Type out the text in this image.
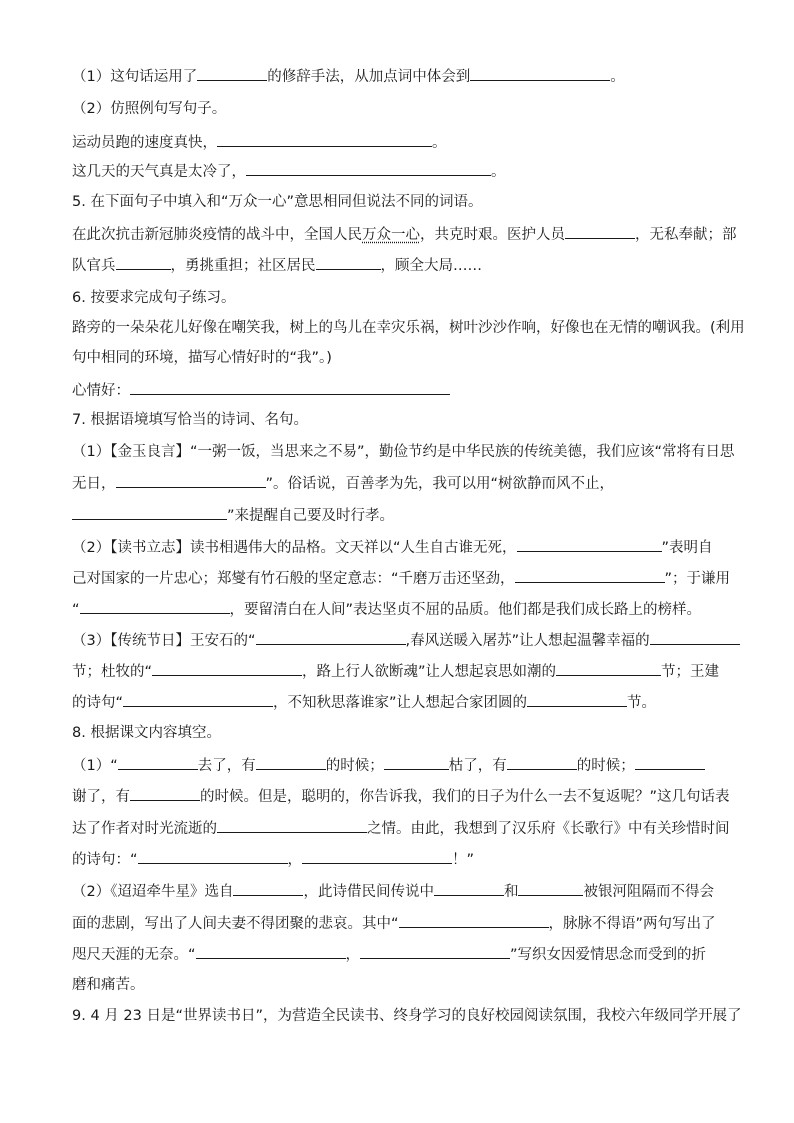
（1）这句话运用了	的修辞手法，从加点词中体会到	。
（2）仿照例句写句子。
运动员跑的速度真快，	。
这几天的天气真是太冷了，	。
5. 在下面句子中填入和“万众一心”意思相同但说法不同的词语。
在此次抗击新冠肺炎疫情的战斗中，全国人民万众一心，共克时艰。医护人员	，无私奉献；部
队官兵	，勇挑重担；社区居民	，顾全大局……
6. 按要求完成句子练习。
路旁的一朵朵花儿好像在嘲笑我，树上的鸟儿在幸灾乐祸，树叶沙沙作响，好像也在无情的嘲讽我。(利用
句中相同的环境，描写心情好时的“我”。)
心情好：
7. 根据语境填写恰当的诗词、名句。
（1）【金玉良言】“一粥一饭，当思来之不易”，勤俭节约是中华民族的传统美德，我们应该“常将有日思
无日，	”。俗话说，百善孝为先，我可以用“树欲静而风不止，
”来提醒自己要及时行孝。
（2）【读书立志】读书相遇伟大的品格。文天祥以“人生自古谁无死，	”表明自
己对国家的一片忠心；郑燮有竹石般的坚定意志：“千磨万击还坚劲，	”；于谦用
“	，要留清白在人间”表达坚贞不屈的品质。他们都是我们成长路上的榜样。
（3）【传统节日】王安石的“	,春风送暖入屠苏”让人想起温馨幸福的
节；杜牧的“	，路上行人欲断魂”让人想起哀思如潮的	节；王建
的诗句“	，不知秋思落谁家”让人想起合家团圆的	节。
8. 根据课文内容填空。
（1）“	去了，有	的时候；	枯了，有	的时候；
谢了，有	的时候。但是，聪明的，你告诉我，我们的日子为什么一去不复返呢？”这几句话表
达了作者对时光流逝的	之情。由此，我想到了汉乐府《长歌行》中有关珍惜时间
的诗句：“	，	！”
（2）《迢迢牵牛星》选自	，此诗借民间传说中	和	被银河阻隔而不得会
面的悲剧，写出了人间夫妻不得团聚的悲哀。其中“	，脉脉不得语”两句写出了
咫尺天涯的无奈。“	，	”写织女因爱情思念而受到的折
磨和痛苦。
9. 4 月 23 日是“世界读书日”，为营造全民读书、终身学习的良好校园阅读氛围，我校六年级同学开展了
